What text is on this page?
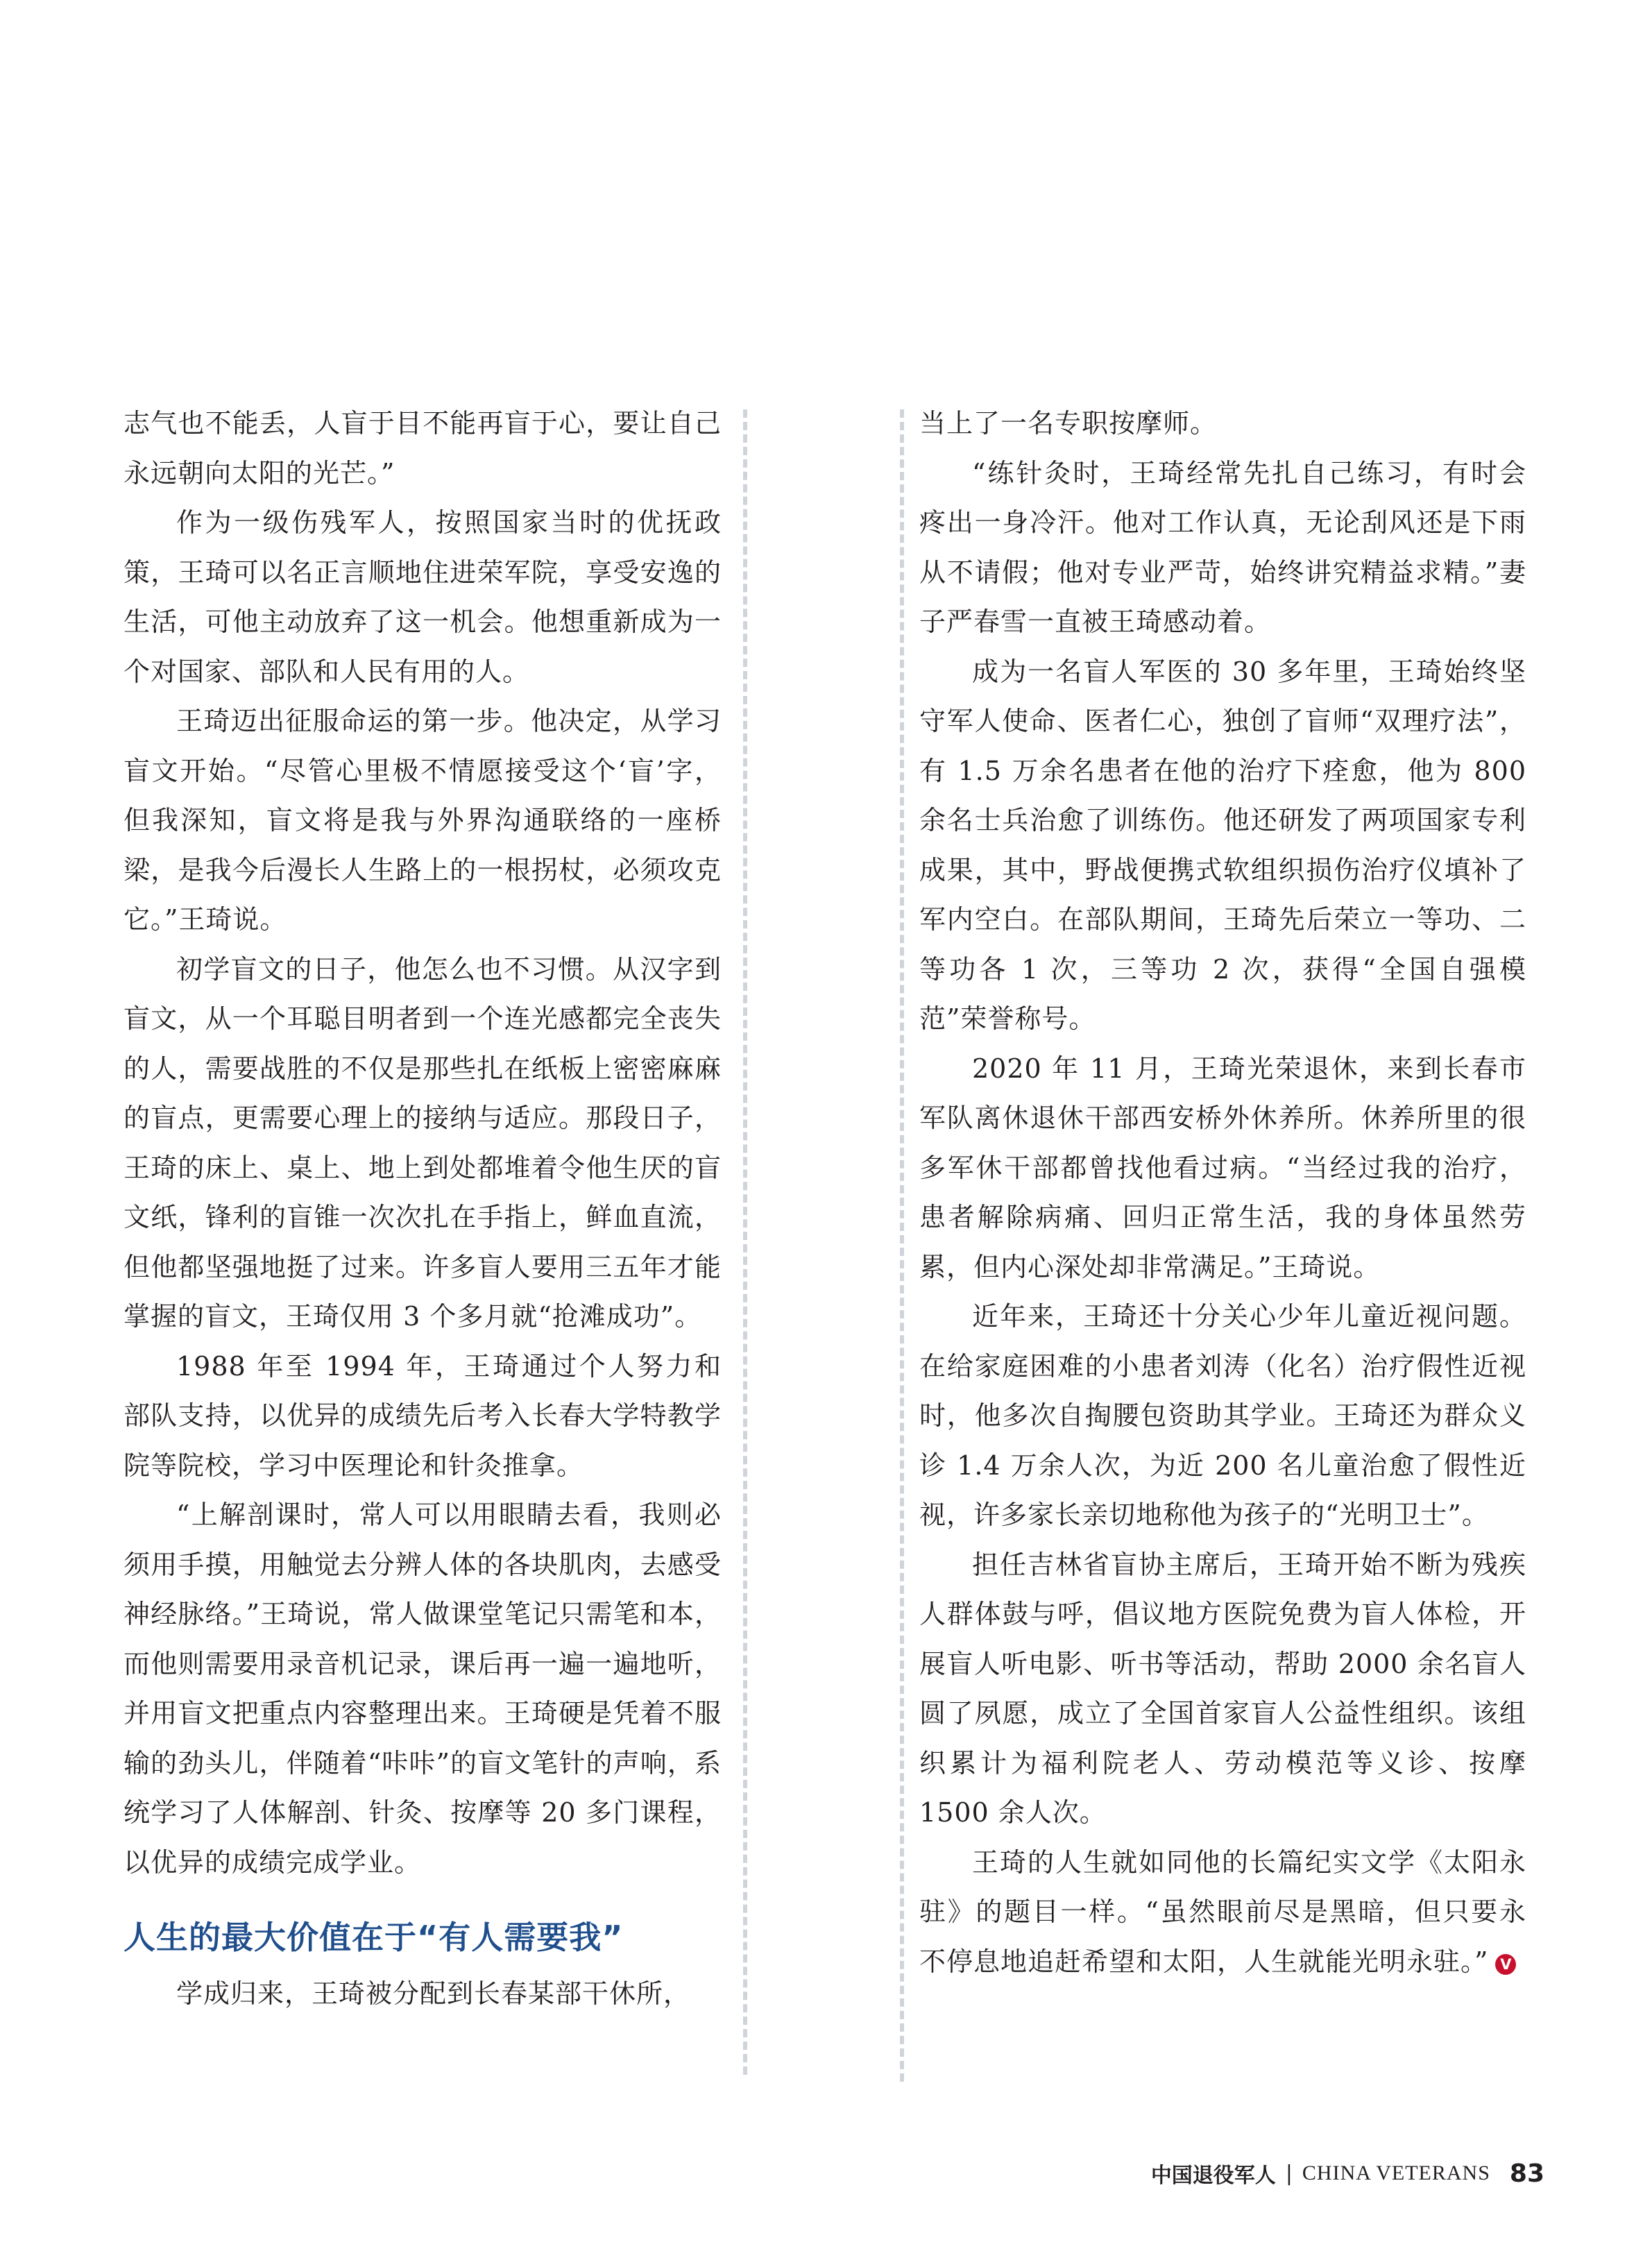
志气也不能丢，人盲于目不能再盲于心，要让自己永远朝向太阳的光芒。”

作为一级伤残军人，按照国家当时的优抚政策，王琦可以名正言顺地住进荣军院，享受安逸的生活，可他主动放弃了这一机会。他想重新成为一个对国家、部队和人民有用的人。

王琦迈出征服命运的第一步。他决定，从学习盲文开始。“尽管心里极不情愿接受这个‘盲’字，但我深知，盲文将是我与外界沟通联络的一座桥梁，是我今后漫长人生路上的一根拐杖，必须攻克它。”王琦说。

初学盲文的日子，他怎么也不习惯。从汉字到盲文，从一个耳聪目明者到一个连光感都完全丧失的人，需要战胜的不仅是那些扎在纸板上密密麻麻的盲点，更需要心理上的接纳与适应。那段日子，王琦的床上、桌上、地上到处都堆着令他生厌的盲文纸，锋利的盲锥一次次扎在手指上，鲜血直流，但他都坚强地挺了过来。许多盲人要用三五年才能掌握的盲文，王琦仅用 3 个多月就“抢滩成功”。

1988 年至 1994 年，王琦通过个人努力和部队支持，以优异的成绩先后考入长春大学特教学院等院校，学习中医理论和针灸推拿。

“上解剖课时，常人可以用眼睛去看，我则必须用手摸，用触觉去分辨人体的各块肌肉，去感受神经脉络。”王琦说，常人做课堂笔记只需笔和本，而他则需要用录音机记录，课后再一遍一遍地听，并用盲文把重点内容整理出来。王琦硬是凭着不服输的劲头儿，伴随着“咔咔”的盲文笔针的声响，系统学习了人体解剖、针灸、按摩等 20 多门课程，以优异的成绩完成学业。

人生的最大价值在于“有人需要我”

学成归来，王琦被分配到长春某部干休所，

当上了一名专职按摩师。

“练针灸时，王琦经常先扎自己练习，有时会疼出一身冷汗。他对工作认真，无论刮风还是下雨从不请假；他对专业严苛，始终讲究精益求精。”妻子严春雪一直被王琦感动着。

成为一名盲人军医的 30 多年里，王琦始终坚守军人使命、医者仁心，独创了盲师“双理疗法”，有 1.5 万余名患者在他的治疗下痊愈，他为 800 余名士兵治愈了训练伤。他还研发了两项国家专利成果，其中，野战便携式软组织损伤治疗仪填补了军内空白。在部队期间，王琦先后荣立一等功、二等功各 1 次，三等功 2 次，获得“全国自强模范”荣誉称号。

2020 年 11 月，王琦光荣退休，来到长春市军队离休退休干部西安桥外休养所。休养所里的很多军休干部都曾找他看过病。“当经过我的治疗，患者解除病痛、回归正常生活，我的身体虽然劳累，但内心深处却非常满足。”王琦说。

近年来，王琦还十分关心少年儿童近视问题。在给家庭困难的小患者刘涛（化名）治疗假性近视时，他多次自掏腰包资助其学业。王琦还为群众义诊 1.4 万余人次，为近 200 名儿童治愈了假性近视，许多家长亲切地称他为孩子的“光明卫士”。

担任吉林省盲协主席后，王琦开始不断为残疾人群体鼓与呼，倡议地方医院免费为盲人体检，开展盲人听电影、听书等活动，帮助 2000 余名盲人圆了夙愿，成立了全国首家盲人公益性组织。该组织累计为福利院老人、劳动模范等义诊、按摩 1500 余人次。

王琦的人生就如同他的长篇纪实文学《太阳永驻》的题目一样。“虽然眼前尽是黑暗，但只要永不停息地追赶希望和太阳，人生就能光明永驻。” V

中国退役军人 | CHINA VETERANS 83
